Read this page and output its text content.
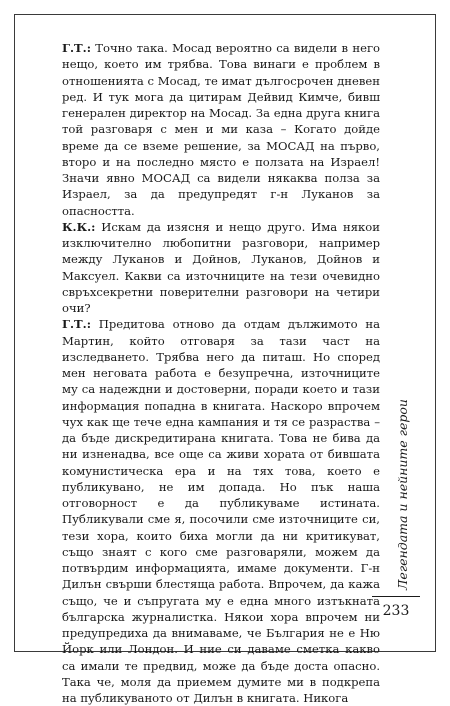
Г.Т.: Точно така. Мосад вероятно са видели в него нещо, което им трябва. Това винаги е проблем в отношенията с Мосад, те имат дългосрочен дневен ред. И тук мога да цитирам Дейвид Кимче, бивш генерален директор на Мосад. За една друга книга той разговаря с мен и ми каза – Когато дойде време да се вземе решение, за МОСАД на първо, второ и на последно място е ползата на Израел! Значи явно МОСАД са видели някаква полза за Израел, за да предупредят г-н Луканов за опасността.

К.К.: Искам да изясня и нещо друго. Има някои изключително любопитни разговори, например между Луканов и Дойнов, Луканов, Дойнов и Максуел. Какви са източниците на тези очевидно свръхсекретни поверителни разговори на четири очи?

Г.Т.: Предитова отново да отдам дължимото на Мартин, който отговаря за тази част на изследването. Трябва него да питаш. Но според мен неговата работа е безупречна, източниците му са надеждни и достоверни, поради което и тази информация попадна в книгата. Наскоро впрочем чух как ще тече една кампания и тя се разраства – да бъде дискредитирана книгата. Това не бива да ни изненадва, все още са живи хората от бившата комунистическа ера и на тях това, което е публикувано, не им допада. Но пък наша отговорност е да публикуваме истината. Публикували сме я, посочили сме източниците си, тези хора, които биха могли да ни критикуват, също знаят с кого сме разговаряли, можем да потвърдим информацията, имаме документи. Г-н Дилън свърши блестяща работа. Впрочем, да кажа също, че и съпругата му е една много изтъкната българска журналистка. Някои хора впрочем ни предупредиха да внимаваме, че България не е Ню Йорк или Лондон. И ние си даваме сметка какво са имали те предвид, може да бъде доста опасно. Така че, моля да приемем думите ми в подкрепа на публикуваното от Дилън в книгата. Никога

Легендата и нейните герои
233
